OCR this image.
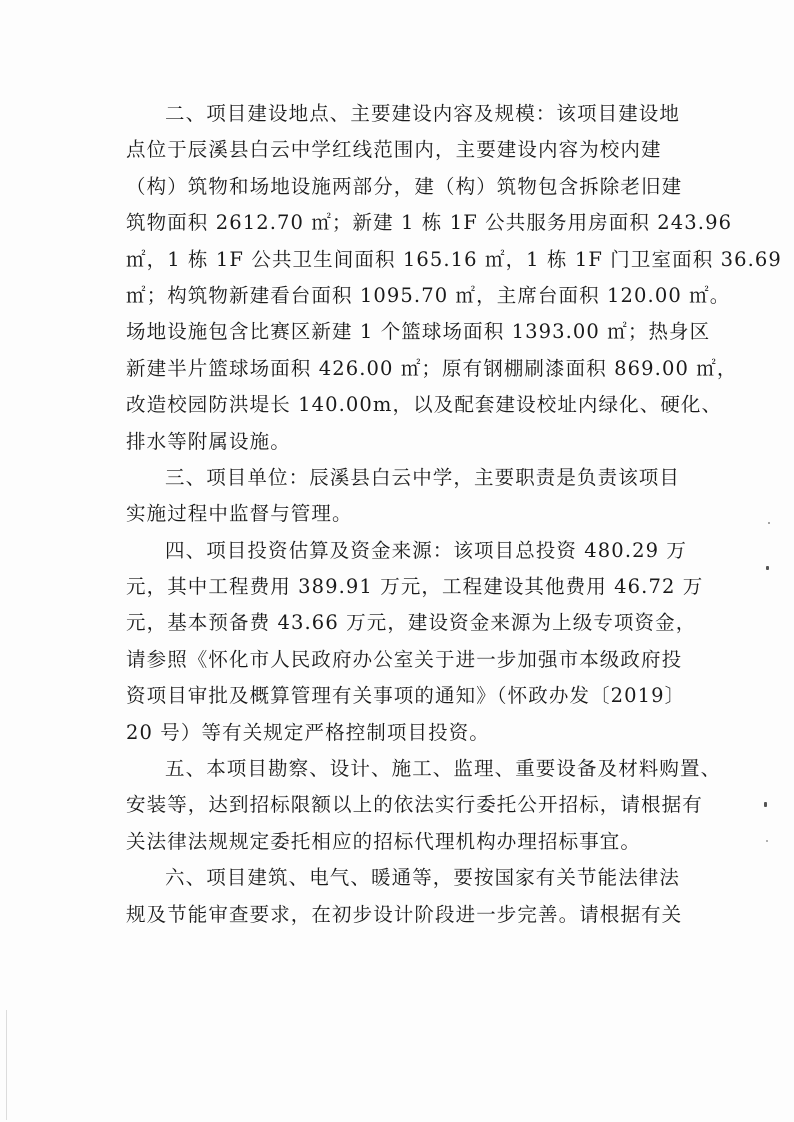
二、项目建设地点、主要建设内容及规模：该项目建设地
点位于辰溪县白云中学红线范围内，主要建设内容为校内建
（构）筑物和场地设施两部分，建（构）筑物包含拆除老旧建
筑物面积 2612.70 ㎡；新建 1 栋 1F 公共服务用房面积 243.96
㎡，1 栋 1F 公共卫生间面积 165.16 ㎡，1 栋 1F 门卫室面积 36.69
㎡；构筑物新建看台面积 1095.70 ㎡，主席台面积 120.00 ㎡。
场地设施包含比赛区新建 1 个篮球场面积 1393.00 ㎡；热身区
新建半片篮球场面积 426.00 ㎡；原有钢棚刷漆面积 869.00 ㎡，
改造校园防洪堤长 140.00m，以及配套建设校址内绿化、硬化、
排水等附属设施。
三、项目单位：辰溪县白云中学，主要职责是负责该项目
实施过程中监督与管理。
四、项目投资估算及资金来源：该项目总投资 480.29 万
元，其中工程费用 389.91 万元，工程建设其他费用 46.72 万
元，基本预备费 43.66 万元，建设资金来源为上级专项资金，
请参照《怀化市人民政府办公室关于进一步加强市本级政府投
资项目审批及概算管理有关事项的通知》（怀政办发〔2019〕
20 号）等有关规定严格控制项目投资。
五、本项目勘察、设计、施工、监理、重要设备及材料购置、
安装等，达到招标限额以上的依法实行委托公开招标，请根据有
关法律法规规定委托相应的招标代理机构办理招标事宜。
六、项目建筑、电气、暖通等，要按国家有关节能法律法
规及节能审查要求，在初步设计阶段进一步完善。请根据有关
